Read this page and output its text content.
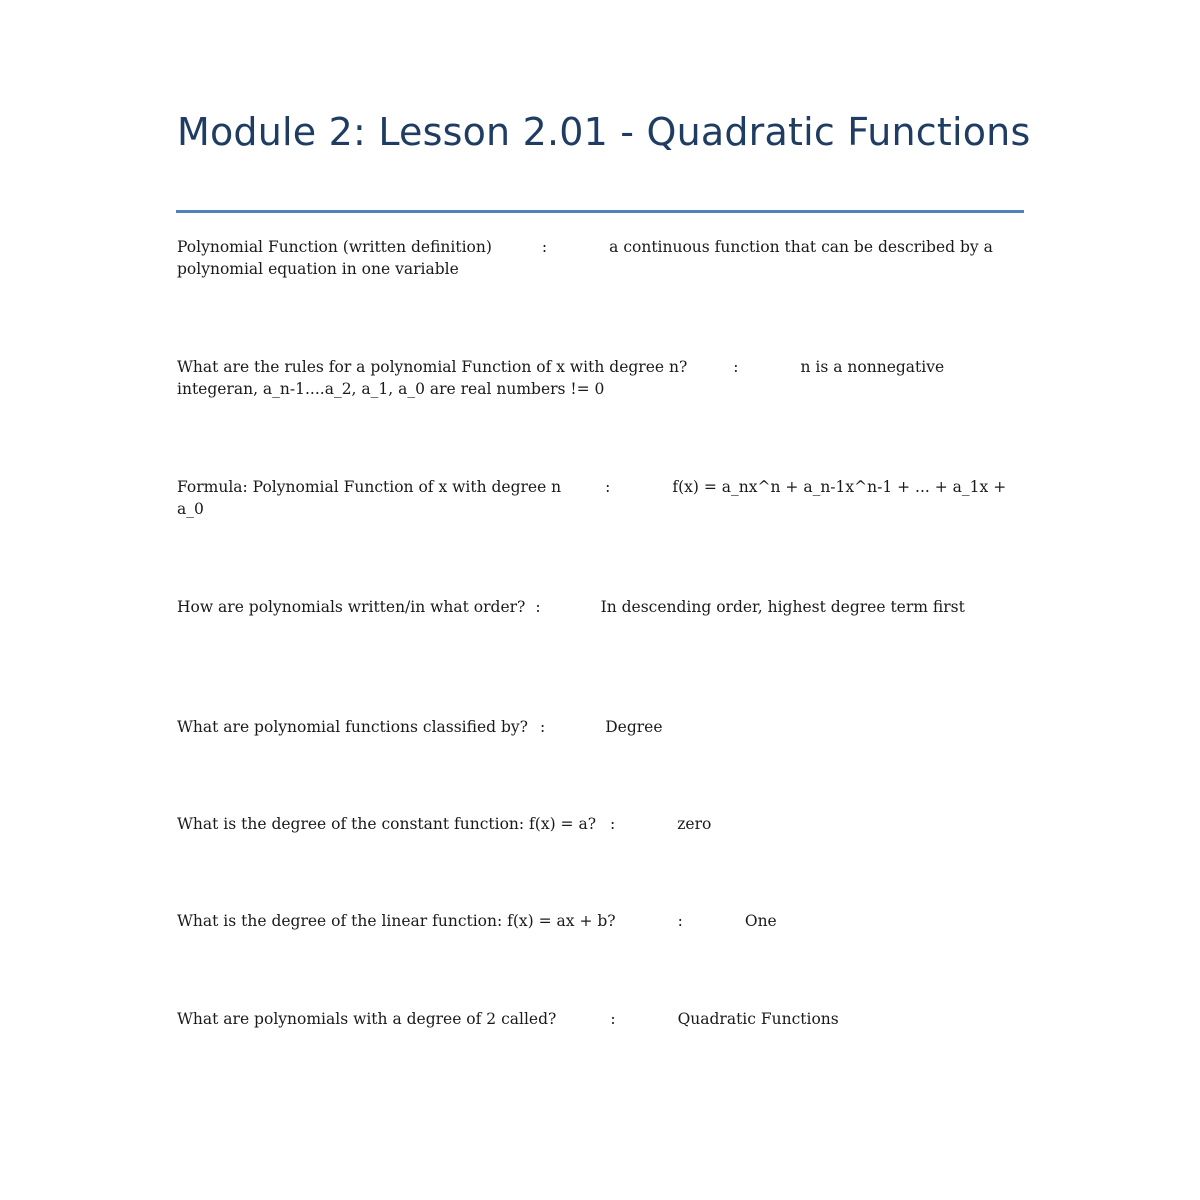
Module 2: Lesson 2.01 - Quadratic Functions

Polynomial Function (written definition)	:	a continuous function that can be described by a polynomial equation in one variable

What are the rules for a polynomial Function of x with degree n?	:	n is a nonnegative integeran, a_n-1....a_2, a_1, a_0 are real numbers != 0

Formula: Polynomial Function of x with degree n	:	f(x) = a_nx^n + a_n-1x^n-1 + ... + a_1x + a_0

How are polynomials written/in what order? :	In descending order, highest degree term first

What are polynomial functions classified by? :	Degree

What is the degree of the constant function: f(x) = a? :	zero

What is the degree of the linear function: f(x) = ax + b?	:	One

What are polynomials with a degree of 2 called?	:	Quadratic Functions
